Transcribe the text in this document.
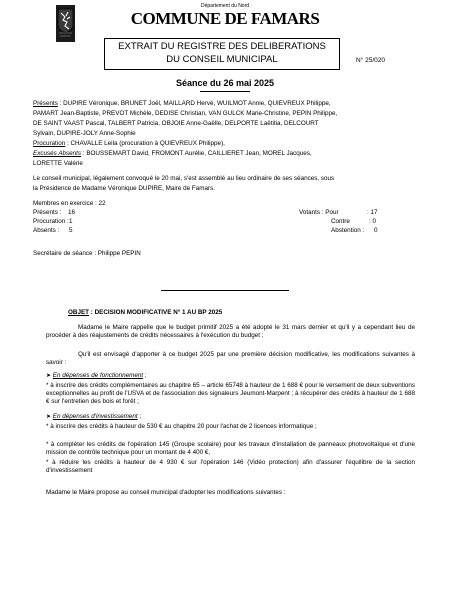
Département du Nord
COMMUNE DE FAMARS
EXTRAIT DU REGISTRE DES DELIBERATIONS
DU CONSEIL MUNICIPAL	N° 25/020
Séance du 26 mai 2025
Présents : DUPIRE Véronique, BRUNET Joël, MAILLARD Hervé, WUILMOT Annie, QUIEVREUX Philippe,
PAMART Jean-Baptiste, PREVOT Michèle, DEDISE Christian, VAN GULCK Marie-Christine, PEPIN Philippe,
DE SAINT VAAST Pascal, TALBERT Patricia, OBJOIE Anne-Gaëlle, DELPORTE Laëtitia, DELCOURT
Sylvain, DUPIRE-JOLY Anne-Sophie
Procuration : CHAVALLE Leila (procuration à QUIEVREUX Philippe),
Excusés Absents : BOUSSEMART David, FROMONT Aurélie, CAILLIERET Jean, MOREL Jacques,
LORETTE Valérie
Le conseil municipal, légalement convoqué le 20 mai, s'est assemblé au lieu ordinaire de ses séances, sous
la Présidence de Madame Véronique DUPIRE, Maire de Famars.
Membres en exercice : 22
Présents : 16
Procuration : 1
Absents : 5
Votants : Pour	: 17
Contre	: 0
Abstention : 0
Secrétaire de séance : Philippe PEPIN
OBJET : DECISION MODIFICATIVE N° 1 AU BP 2025
Madame le Maire rappelle que le budget primitif 2025 a été adopté le 31 mars dernier et qu'il y a cependant lieu de procéder à des réajustements de crédits nécessaires à l'exécution du budget ;
Qu'il est envisagé d'apporter à ce budget 2025 par une première décision modificative, les modifications suivantes à savoir :
➤ En dépenses de fonctionnement ;
* à inscrire des crédits complémentaires au chapitre 65 – article 65748 à hauteur de 1 688 € pour le versement de deux subventions exceptionnelles au profit de l'USVA et de l'association des signaleurs Jeumont-Marpent ; à récupérer des crédits à hauteur de 1 688 € sur l'entretien des bois et forêt ;
➤ En dépenses d'investissement ;
* à inscrire des crédits à hauteur de 530 € au chapitre 20 pour l'achat de 2 licences informatique ;
* à compléter les crédits de l'opération 145 (Groupe scolaire) pour les travaux d'installation de panneaux photovoltaïque et d'une mission de contrôle technique pour un montant de 4 400 €,
* à réduire les crédits à hauteur de 4 930 € sur l'opération 146 (Vidéo protection) afin d'assurer l'équilibre de la section d'investissement
Madame le Maire propose au conseil municipal d'adopter les modifications suivantes :
